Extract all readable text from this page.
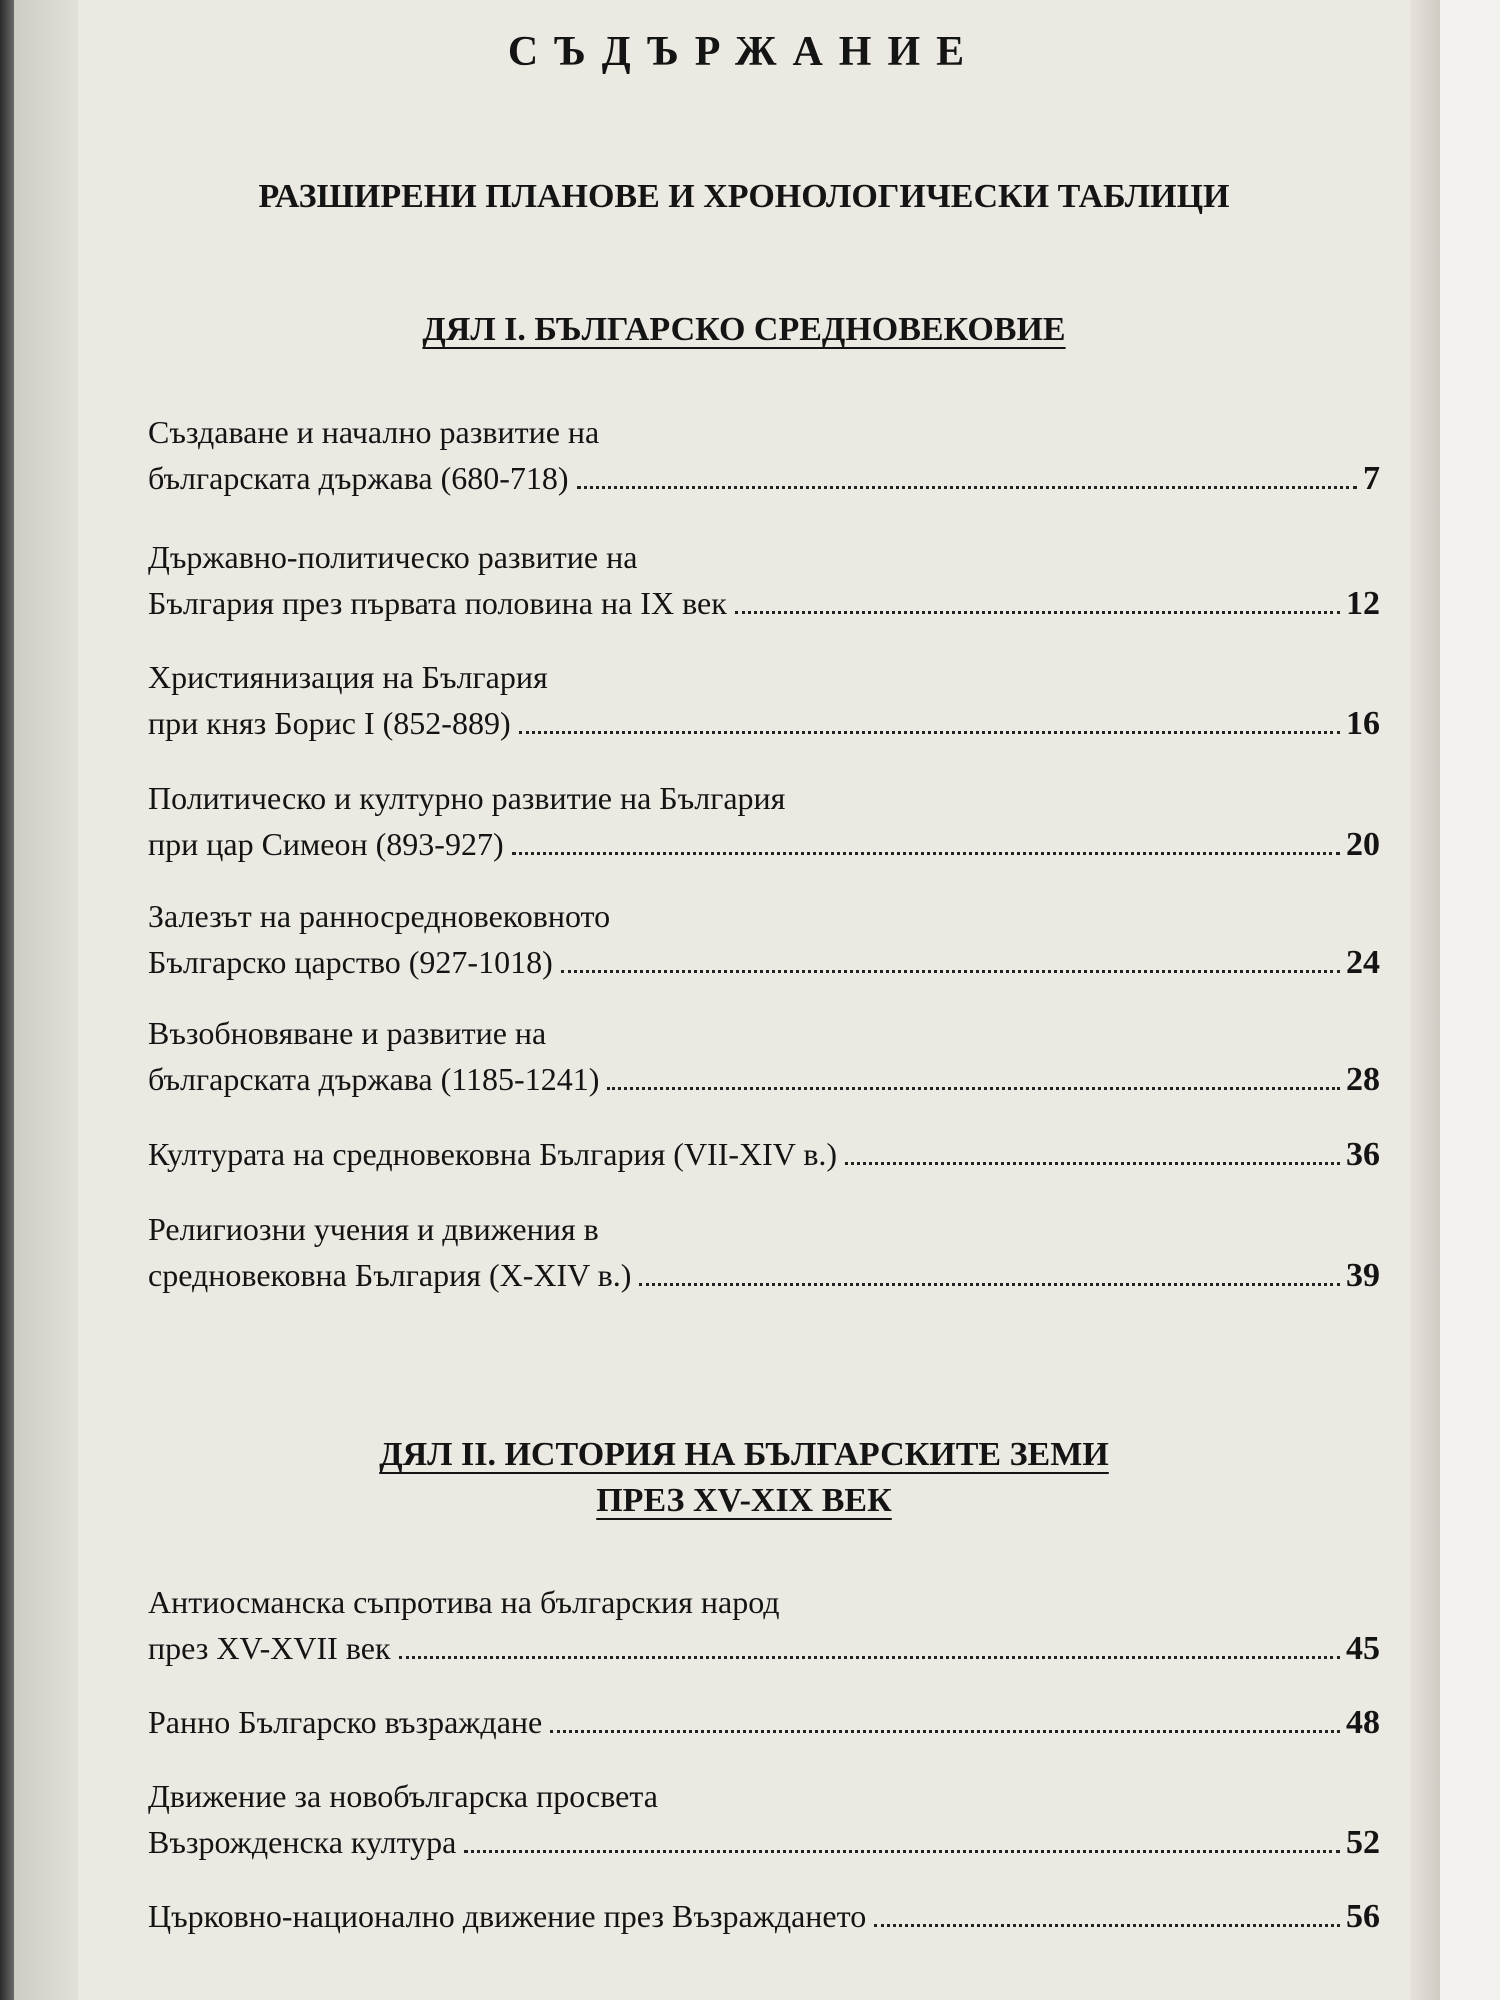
СЪДЪРЖАНИЕ
РАЗШИРЕНИ ПЛАНОВЕ И ХРОНОЛОГИЧЕСКИ ТАБЛИЦИ
ДЯЛ I. БЪЛГАРСКО СРЕДНОВЕКОВИЕ
Създаване и начално развитие на
българската държава (680-718)	7
Държавно-политическо развитие на
България през първата половина на IX век	12
Християнизация на България
при княз Борис I (852-889)	16
Политическо и културно развитие на България
при цар Симеон (893-927)	20
Залезът на ранносредновековното
Българско царство (927-1018)	24
Възобновяване и развитие на
българската държава (1185-1241)	28
Културата на средновековна България (VII-XIV в.)	36
Религиозни учения и движения в
средновековна България (X-XIV в.)	39
ДЯЛ II. ИСТОРИЯ НА БЪЛГАРСКИТЕ ЗЕМИ
ПРЕЗ XV-XIX ВЕК
Антиосманска съпротива на българския народ
през XV-XVII век	45
Ранно Българско възраждане	48
Движение за новобългарска просвета
Възрожденска култура	52
Църковно-национално движение през Възраждането	56
